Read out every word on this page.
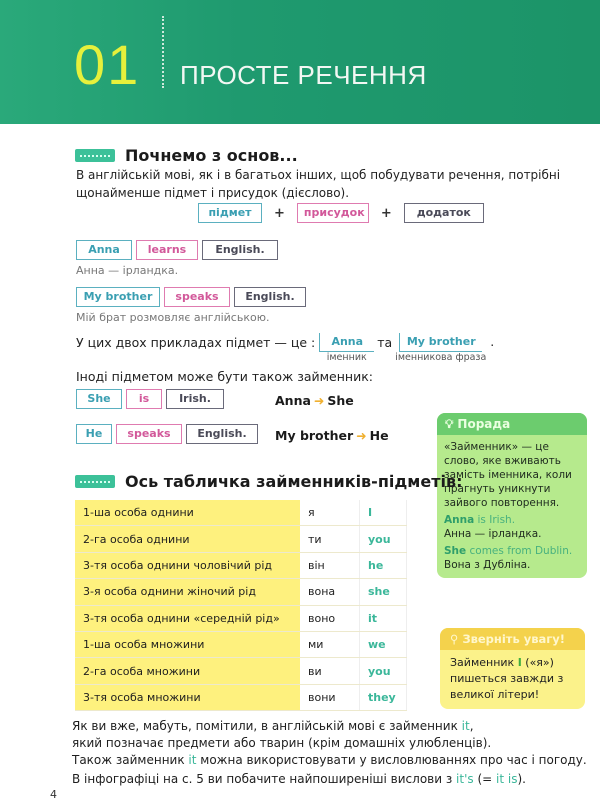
01 ПРОСТЕ РЕЧЕННЯ
Почнемо з основ...
В англійській мові, як і в багатьох інших, щоб побудувати речення, потрібні
щонайменше підмет і присудок (дієслово).
підмет	+	присудок	+	додаток
Anna	learns	English.
Анна — ірландка.
My brother	speaks	English.
Мій брат розмовляє англійською.
У цих двох прикладах підмет — це :	Anna
іменник
та	My brother
іменникова фраза
.
Іноді підметом може бути також займенник:
She	is	Irish.	Anna ➜ She
He	speaks	English.	My brother ➜ He
💡︎ Порада
«Займенник» — це слово, яке вживають замість іменника, коли прагнуть уникнути зайвого повторення.
Anna is Irish.
Анна — ірландка.
She comes from Dublin.
Вона з Дубліна.
Ось табличка займенників-підметів:
1-ша особа однини	я	I
2-га особа однини	ти	you
3-тя особа однини чоловічий рід	він	he
3-я особа однини жіночий рід	вона	she
3-тя особа однини «середній рід»	воно	it
1-ша особа множини	ми	we
2-га особа множини	ви	you
3-тя особа множини	вони	they
⚲ Зверніть увагу!
Займенник I («я») пишеться завжди з великої літери!
Як ви вже, мабуть, помітили, в англійській мові є займенник it,
який позначає предмети або тварин (крім домашніх улюбленців).
Також займенник it можна використовувати у висловлюваннях про час і погоду.
В інфографіці на с. 5 ви побачите найпоширеніші вислови з it's (= it is).
4
